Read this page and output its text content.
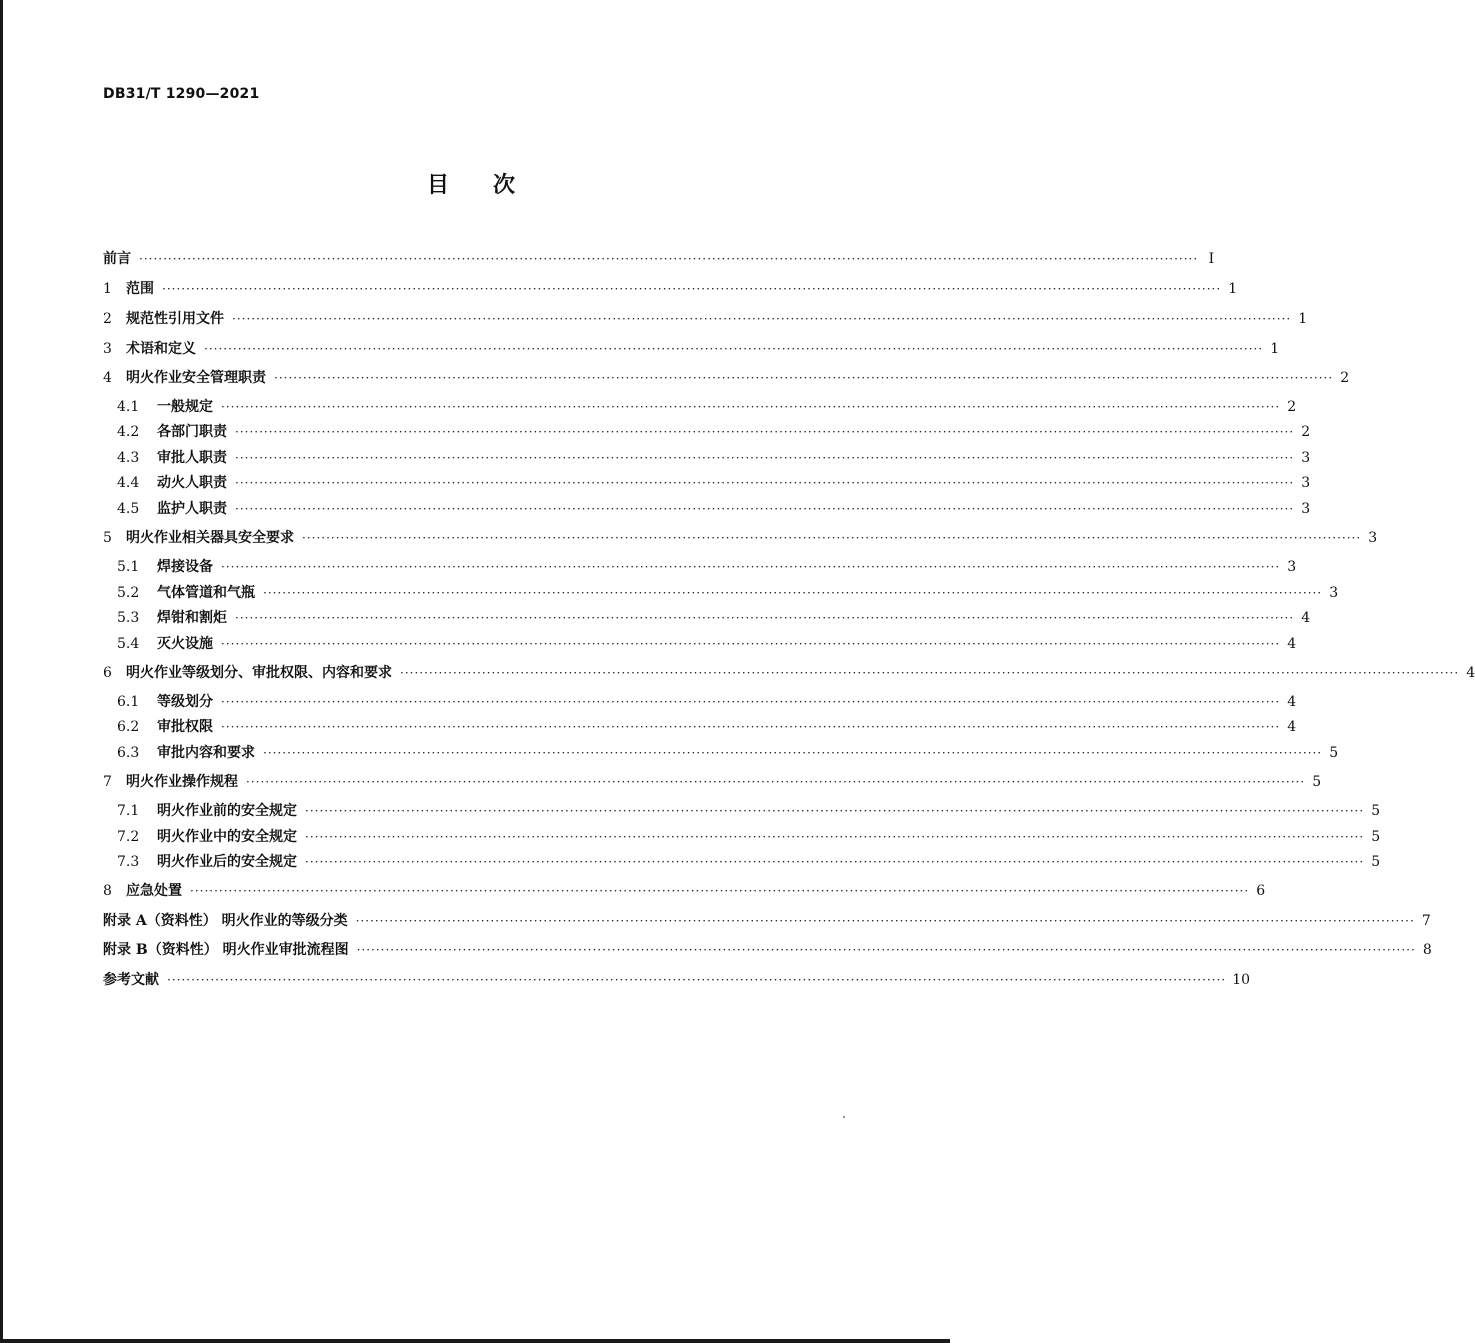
DB31/T 1290—2021
目次
前言 ···························································································································································································································· I
1	范围 ···························································································································································································································· 1
2	规范性引用文件 ···························································································································································································································· 1
3	术语和定义 ···························································································································································································································· 1
4	明火作业安全管理职责 ···························································································································································································································· 2
4.1	一般规定 ···························································································································································································································· 2
4.2	各部门职责 ···························································································································································································································· 2
4.3	审批人职责 ···························································································································································································································· 3
4.4	动火人职责 ···························································································································································································································· 3
4.5	监护人职责 ···························································································································································································································· 3
5	明火作业相关器具安全要求 ···························································································································································································································· 3
5.1	焊接设备 ···························································································································································································································· 3
5.2	气体管道和气瓶 ···························································································································································································································· 3
5.3	焊钳和割炬 ···························································································································································································································· 4
5.4	灭火设施 ···························································································································································································································· 4
6	明火作业等级划分、审批权限、内容和要求 ···························································································································································································································· 4
6.1	等级划分 ···························································································································································································································· 4
6.2	审批权限 ···························································································································································································································· 4
6.3	审批内容和要求 ···························································································································································································································· 5
7	明火作业操作规程 ···························································································································································································································· 5
7.1	明火作业前的安全规定 ···························································································································································································································· 5
7.2	明火作业中的安全规定 ···························································································································································································································· 5
7.3	明火作业后的安全规定 ···························································································································································································································· 5
8	应急处置 ···························································································································································································································· 6
附录 A（资料性） 明火作业的等级分类 ···························································································································································································································· 7
附录 B（资料性） 明火作业审批流程图 ···························································································································································································································· 8
参考文献 ···························································································································································································································· 10
